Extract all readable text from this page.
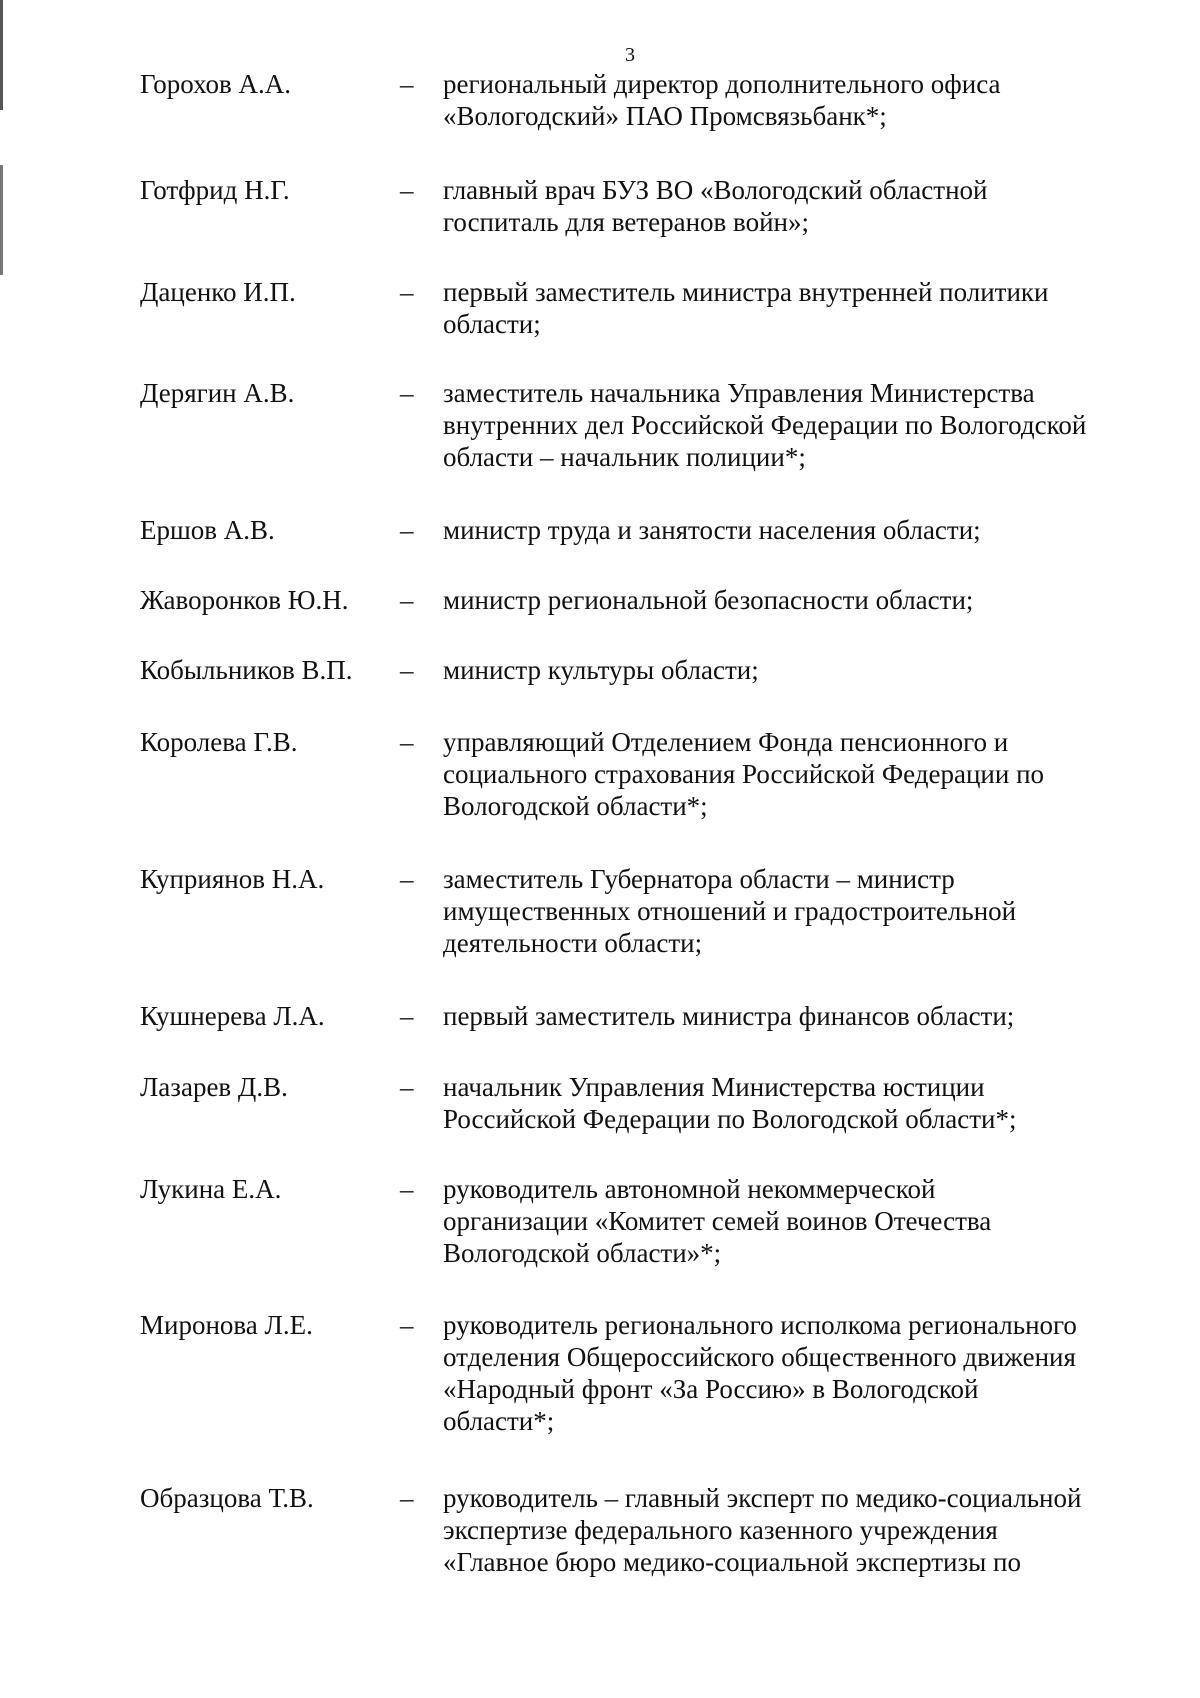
3
Горохов А.А.	– региональный директор дополнительного офиса
«Вологодский» ПАО Промсвязьбанк*;
Готфрид Н.Г.	– главный врач БУЗ ВО «Вологодский областной
госпиталь для ветеранов войн»;
Даценко И.П.	– первый заместитель министра внутренней политики
области;
Дерягин А.В.	– заместитель начальника Управления Министерства
внутренних дел Российской Федерации по Вологодской
области – начальник полиции*;
Ершов А.В.	– министр труда и занятости населения области;
Жаворонков Ю.Н. – министр региональной безопасности области;
Кобыльников В.П. – министр культуры области;
Королева Г.В.	– управляющий Отделением Фонда пенсионного и
социального страхования Российской Федерации по
Вологодской области*;
Куприянов Н.А.	– заместитель Губернатора области – министр
имущественных отношений и градостроительной
деятельности области;
Кушнерева Л.А.	– первый заместитель министра финансов области;
Лазарев Д.В.	– начальник Управления Министерства юстиции
Российской Федерации по Вологодской области*;
Лукина Е.А.	– руководитель автономной некоммерческой
организации «Комитет семей воинов Отечества
Вологодской области»*;
Миронова Л.Е.	– руководитель регионального исполкома регионального
отделения Общероссийского общественного движения
«Народный фронт «За Россию» в Вологодской
области*;
Образцова Т.В.	– руководитель – главный эксперт по медико-социальной
экспертизе федерального казенного учреждения
«Главное бюро медико-социальной экспертизы по
